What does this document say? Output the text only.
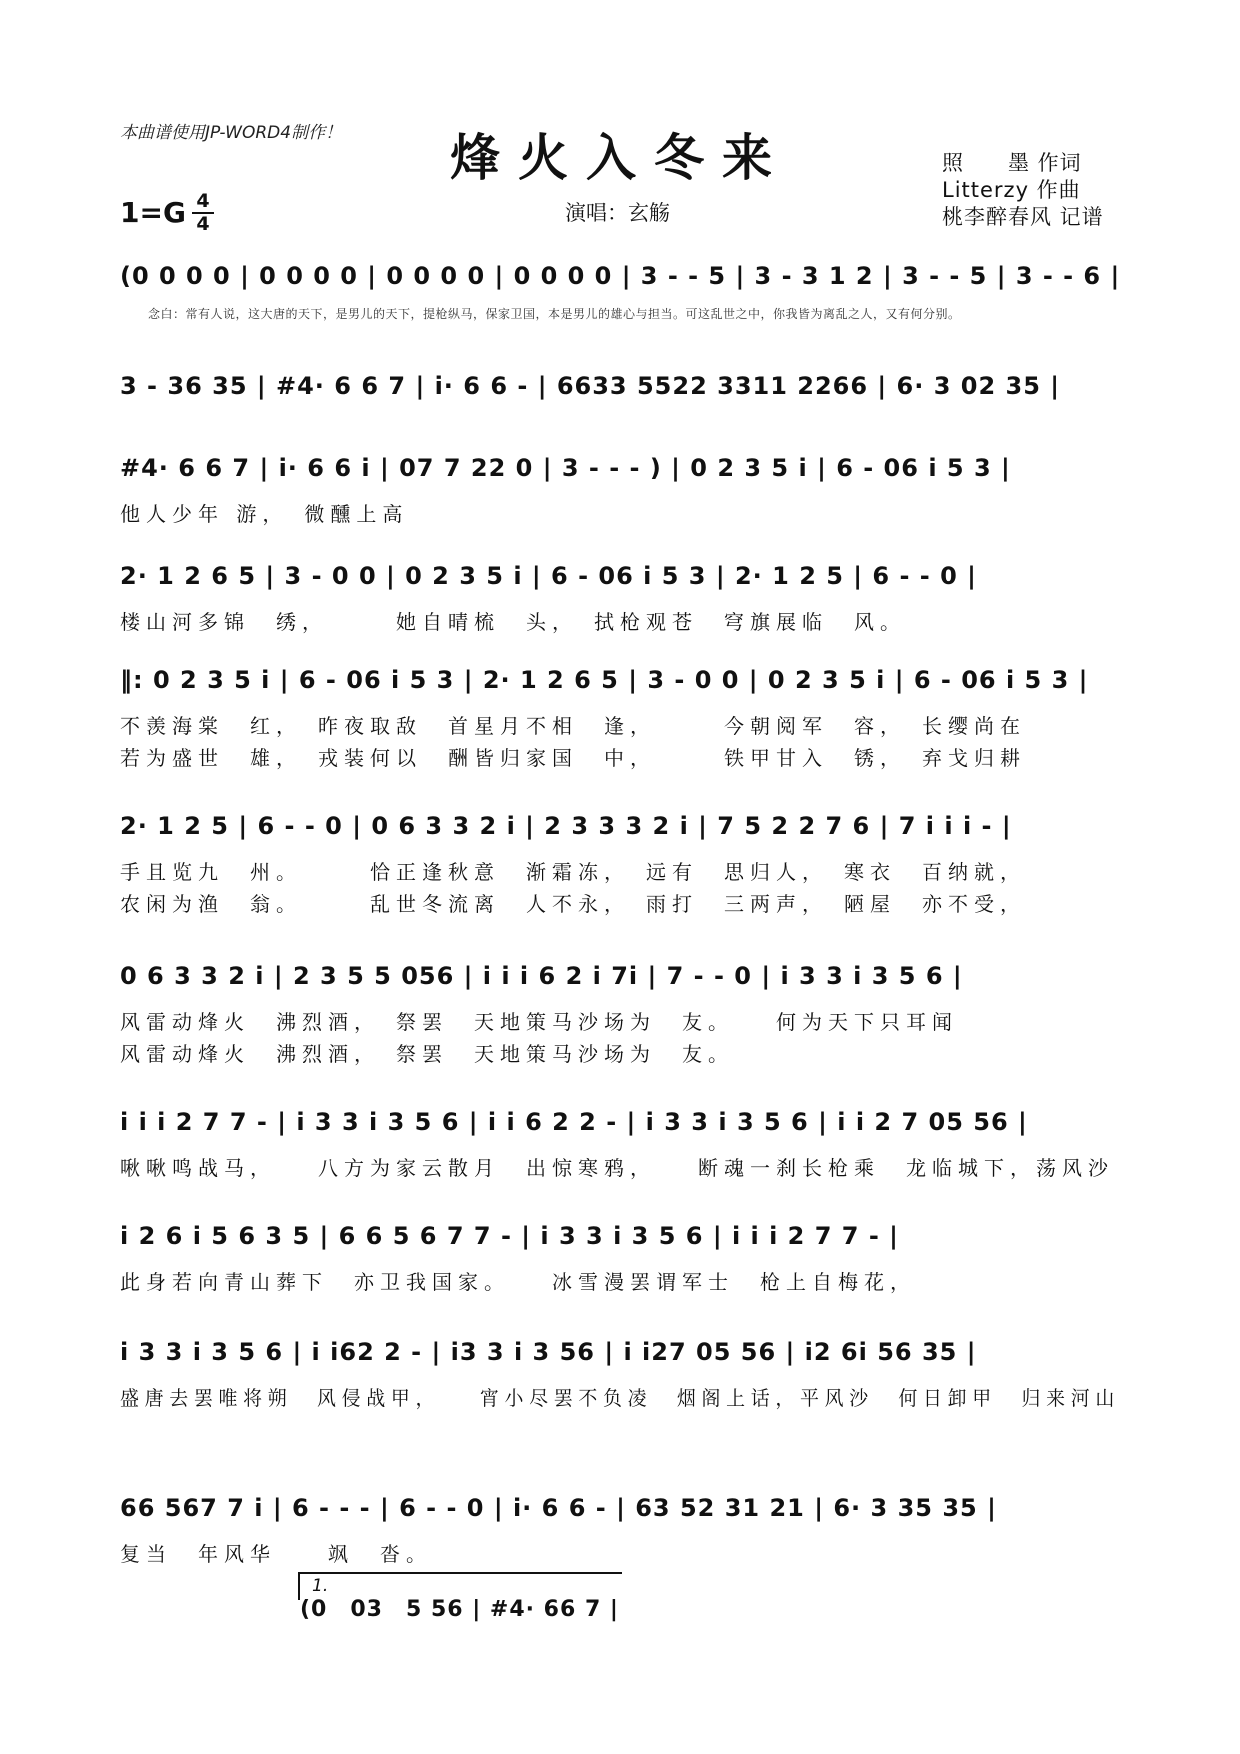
本曲谱使用JP-WORD4制作！	烽火入冬来
1=G 4
4	演唱：玄觞
照　　墨 作词
Litterzy 作曲
桃李醉春风 记谱
念白：常有人说，这大唐的天下，是男儿的天下，提枪纵马，保家卫国，本是男儿的雄心与担当。可这乱世之中，你我皆为离乱之人，又有何分别。
(0 0 0 0 | 0 0 0 0 | 0 0 0 0 | 0 0 0 0 | 3 - - 5 | 3 - 3 1 2 | 3 - - 5 | 3 - - 6 |
3 - 36 35 | #4· 6 6 7 | i· 6 6 - | 6633 5522 3311 2266 | 6· 3 02 35 |
#4· 6 6 7 | i· 6 6 i | 07 7 22 0 | 3 - - - ) | 0 2 3 5 i | 6 - 06 i 5 3 |
他人少年 游，　微醺上高
2· 1 2 6 5 | 3 - 0 0 | 0 2 3 5 i | 6 - 06 i 5 3 | 2· 1 2 5 | 6 - - 0 |
楼山河多锦　绣，　　　她自晴梳　头，　拭枪观苍　穹旗展临　风。
‖: 0 2 3 5 i | 6 - 06 i 5 3 | 2· 1 2 6 5 | 3 - 0 0 | 0 2 3 5 i | 6 - 06 i 5 3 |
不羡海棠　红，　昨夜取敌　首星月不相　逢，　　　今朝阅军　容，　长缨尚在
若为盛世　雄，　戎装何以　酬皆归家国　中，　　　铁甲甘入　锈，　弃戈归耕
2· 1 2 5 | 6 - - 0 | 0 6 3 3 2 i | 2 3 3 3 2 i | 7 5 2 2 7 6 | 7 i i i - |
手且览九　州。　　　恰正逢秋意　渐霜冻，　远有　思归人，　寒衣　百纳就，
农闲为渔　翁。　　　乱世冬流离　人不永，　雨打　三两声，　陋屋　亦不受，
0 6 3 3 2 i | 2 3 5 5 056 | i i i 6 2 i 7i | 7 - - 0 | i 3 3 i 3 5 6 |
风雷动烽火　沸烈酒，　祭罢　天地策马沙场为　友。　　何为天下只耳闻
风雷动烽火　沸烈酒，　祭罢　天地策马沙场为　友。
i i i 2 7 7 - | i 3 3 i 3 5 6 | i i 6 2 2 - | i 3 3 i 3 5 6 | i i 2 7 05 56 |
啾啾鸣战马，　　八方为家云散月　出惊寒鸦，　　断魂一刹长枪乘　龙临城下，荡风沙
i 2 6 i 5 6 3 5 | 6 6 5 6 7 7 - | i 3 3 i 3 5 6 | i i i 2 7 7 - |
此身若向青山葬下　亦卫我国家。　　冰雪漫罢谓军士　枪上自梅花，
i 3 3 i 3 5 6 | i i62 2 - | i3 3 i 3 56 | i i27 05 56 | i2 6i 56 35 |
盛唐去罢唯将朔　风侵战甲，　　宵小尽罢不负凌　烟阁上话，平风沙　何日卸甲　归来河山
66 567 7 i | 6 - - - | 6 - - 0 | i· 6 6 - | 63 52 31 21 | 6· 3 35 35 |
复当　年风华　　飒　沓。
1.
(0　03　5 56 | #4· 66 7 |
